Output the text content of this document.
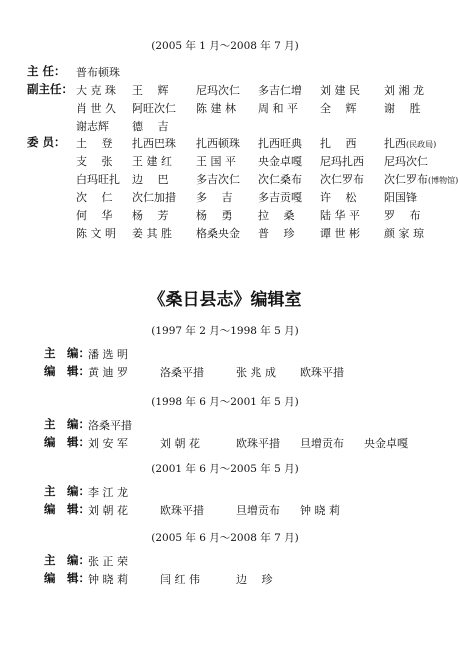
(2005 年 1 月～2008 年 7 月)
主 任： 普布顿珠
副主任： 大 克 珠 王　 辉	尼玛次仁 多吉仁增 刘 建 民 刘 湘 龙
肖 世 久 阿旺次仁 陈 建 林 周 和 平 全　 辉	谢　 胜
谢志辉 德　 吉
委 员： 土　 登 扎西巴珠 扎西顿珠 扎西旺典 扎　 西	扎西(民政局)
支　 张 王 建 红 王 国 平 央金卓嘎 尼玛扎西 尼玛次仁
白玛旺扎 边　 巴	多吉次仁 次仁桑布 次仁罗布 次仁罗布(博物馆)
次　 仁 次仁加措 多　 吉 多吉贡嘎 许　 松	阳国锋
何　 华 杨　 芳	杨　 勇 拉　 桑 陆 华 平 罗　 布
陈 文 明 姜 其 胜 格桑央金 普　 珍 谭 世 彬 颜 家 琼
《桑日县志》编辑室
(1997 年 2 月～1998 年 5 月)
主　编：
潘 选 明
编　辑：
黄 迪 罗	洛桑平措	张 兆 成 欧珠平措
(1998 年 6 月～2001 年 5 月)
主　编：
洛桑平措
编　辑：
刘 安 军	刘 朝 花	欧珠平措 旦增贡布 央金卓嘎
(2001 年 6 月～2005 年 5 月)
主　编：
李 江 龙
编　辑：
刘 朝 花	欧珠平措	旦增贡布 钟 晓 莉
(2005 年 6 月～2008 年 7 月)
主　编：
张 正 荣
编　辑：
钟 晓 莉	闫 红 伟	边　 珍
